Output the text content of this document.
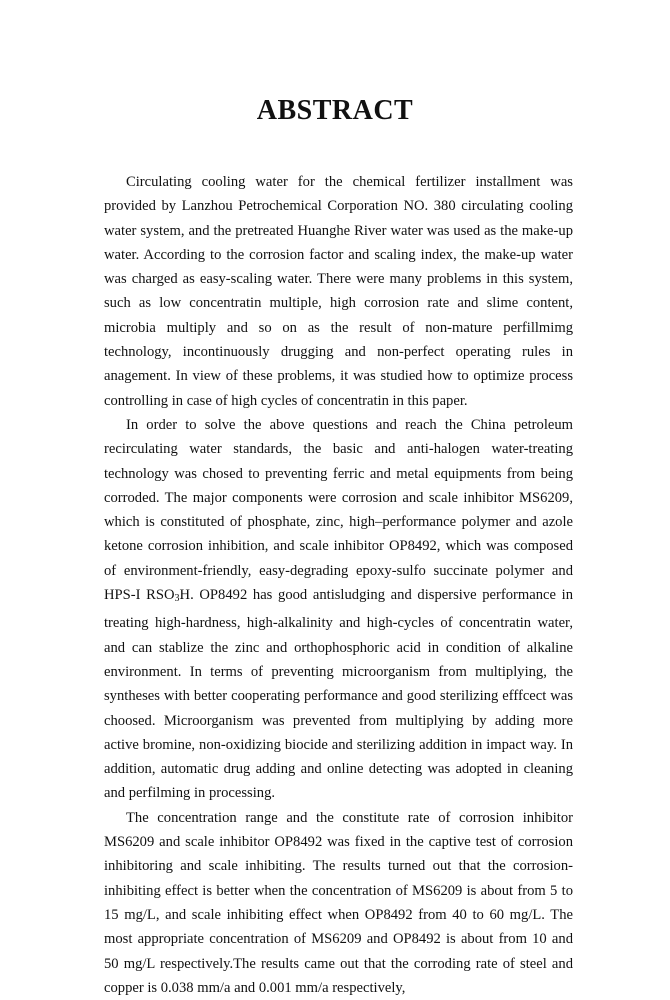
ABSTRACT

Circulating cooling water for the chemical fertilizer installment was provided by Lanzhou Petrochemical Corporation NO. 380 circulating cooling water system, and the pretreated Huanghe River water was used as the make-up water. According to the corrosion factor and scaling index, the make-up water was charged as easy-scaling water. There were many problems in this system, such as low concentratin multiple, high corrosion rate and slime content, microbia multiply and so on as the result of non-mature perfillmimg technology, incontinuously drugging and non-perfect operating rules in anagement. In view of these problems, it was studied how to optimize process controlling in case of high cycles of concentratin in this paper.

In order to solve the above questions and reach the China petroleum recirculating water standards, the basic and anti-halogen water-treating technology was chosed to preventing ferric and metal equipments from being corroded. The major components were corrosion and scale inhibitor MS6209, which is constituted of phosphate, zinc, high–performance polymer and azole ketone corrosion inhibition, and scale inhibitor OP8492, which was composed of environment-friendly, easy-degrading epoxy-sulfo succinate polymer and HPS-I $RSO_3H$. OP8492 has good antisludging and dispersive performance in treating high-hardness, high-alkalinity and high-cycles of concentratin water, and can stablize the zinc and orthophosphoric acid in condition of alkaline environment. In terms of preventing microorganism from multiplying, the syntheses with better cooperating performance and good sterilizing efffcect was choosed. Microorganism was prevented from multiplying by adding more active bromine, non-oxidizing biocide and sterilizing addition in impact way. In addition, automatic drug adding and online detecting was adopted in cleaning and perfilming in processing.

The concentration range and the constitute rate of corrosion inhibitor MS6209 and scale inhibitor OP8492 was fixed in the captive test of corrosion inhibitoring and scale inhibiting. The results turned out that the corrosion-inhibiting effect is better when the concentration of MS6209 is about from 5 to 15 mg/L, and scale inhibiting effect when OP8492 from 40 to 60 mg/L. The most appropriate concentration of MS6209 and OP8492 is about from 10 and 50 mg/L respectively.The results came out that the corroding rate of steel and copper is 0.038 mm/a and 0.001 mm/a respectively,
